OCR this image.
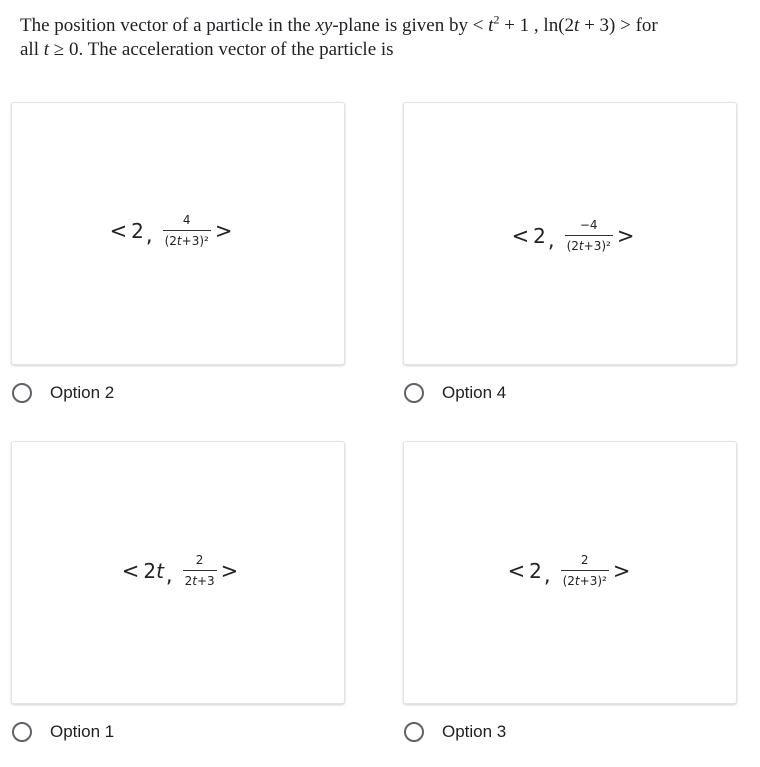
The position vector of a particle in the xy-plane is given by < $t^2 + 1$ , ln(2t + 3) > for
all t ≥ 0. The acceleration vector of the particle is
< 2 , $\frac{4}{\text{(2t+3)²}}$ >
Option 2
< 2 , $\frac{-4}{\text{(2t+3)²}}$ >
Option 4
< 2t , $\frac{2}{2t+3}$ >
Option 1
< 2 , $\frac{2}{\text{(2t+3)²}}$ >
Option 3
